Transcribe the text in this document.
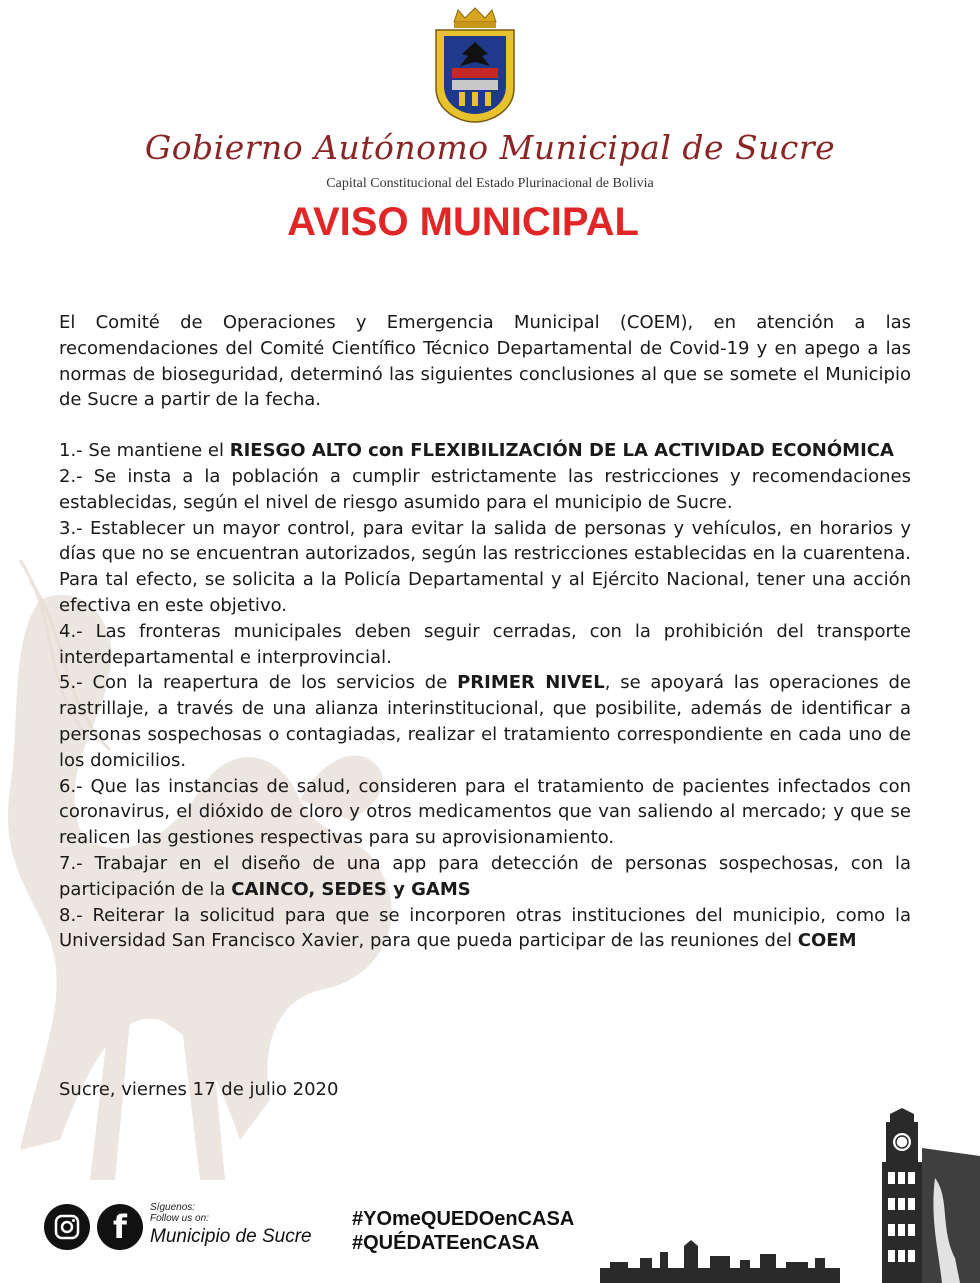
Gobierno Autónomo Municipal de Sucre
Capital Constitucional del Estado Plurinacional de Bolivia
AVISO MUNICIPAL

El Comité de Operaciones y Emergencia Municipal (COEM), en atención a las recomendaciones del Comité Científico Técnico Departamental de Covid-19 y en apego a las normas de bioseguridad, determinó las siguientes conclusiones al que se somete el Municipio de Sucre a partir de la fecha.

1.- Se mantiene el RIESGO ALTO con FLEXIBILIZACIÓN DE LA ACTIVIDAD ECONÓMICA

2.- Se insta a la población a cumplir estrictamente las restricciones y recomendaciones establecidas, según el nivel de riesgo asumido para el municipio de Sucre.

3.- Establecer un mayor control, para evitar la salida de personas y vehículos, en horarios y días que no se encuentran autorizados, según las restricciones establecidas en la cuarentena. Para tal efecto, se solicita a la Policía Departamental y al Ejército Nacional, tener una acción efectiva en este objetivo.

4.- Las fronteras municipales deben seguir cerradas, con la prohibición del transporte interdepartamental e interprovincial.

5.- Con la reapertura de los servicios de PRIMER NIVEL, se apoyará las operaciones de rastrillaje, a través de una alianza interinstitucional, que posibilite, además de identificar a personas sospechosas o contagiadas, realizar el tratamiento correspondiente en cada uno de los domicilios.

6.- Que las instancias de salud, consideren para el tratamiento de pacientes infectados con coronavirus, el dióxido de cloro y otros medicamentos que van saliendo al mercado; y que se realicen las gestiones respectivas para su aprovisionamiento.

7.- Trabajar en el diseño de una app para detección de personas sospechosas, con la participación de la CAINCO, SEDES y GAMS

8.- Reiterar la solicitud para que se incorporen otras instituciones del municipio, como la Universidad San Francisco Xavier, para que pueda participar de las reuniones del COEM

Sucre, viernes 17 de julio 2020
f
Síguenos:
Follow us on:
Municipio de Sucre
#YOmeQUEDOenCASA
#QUÉDATEenCASA
